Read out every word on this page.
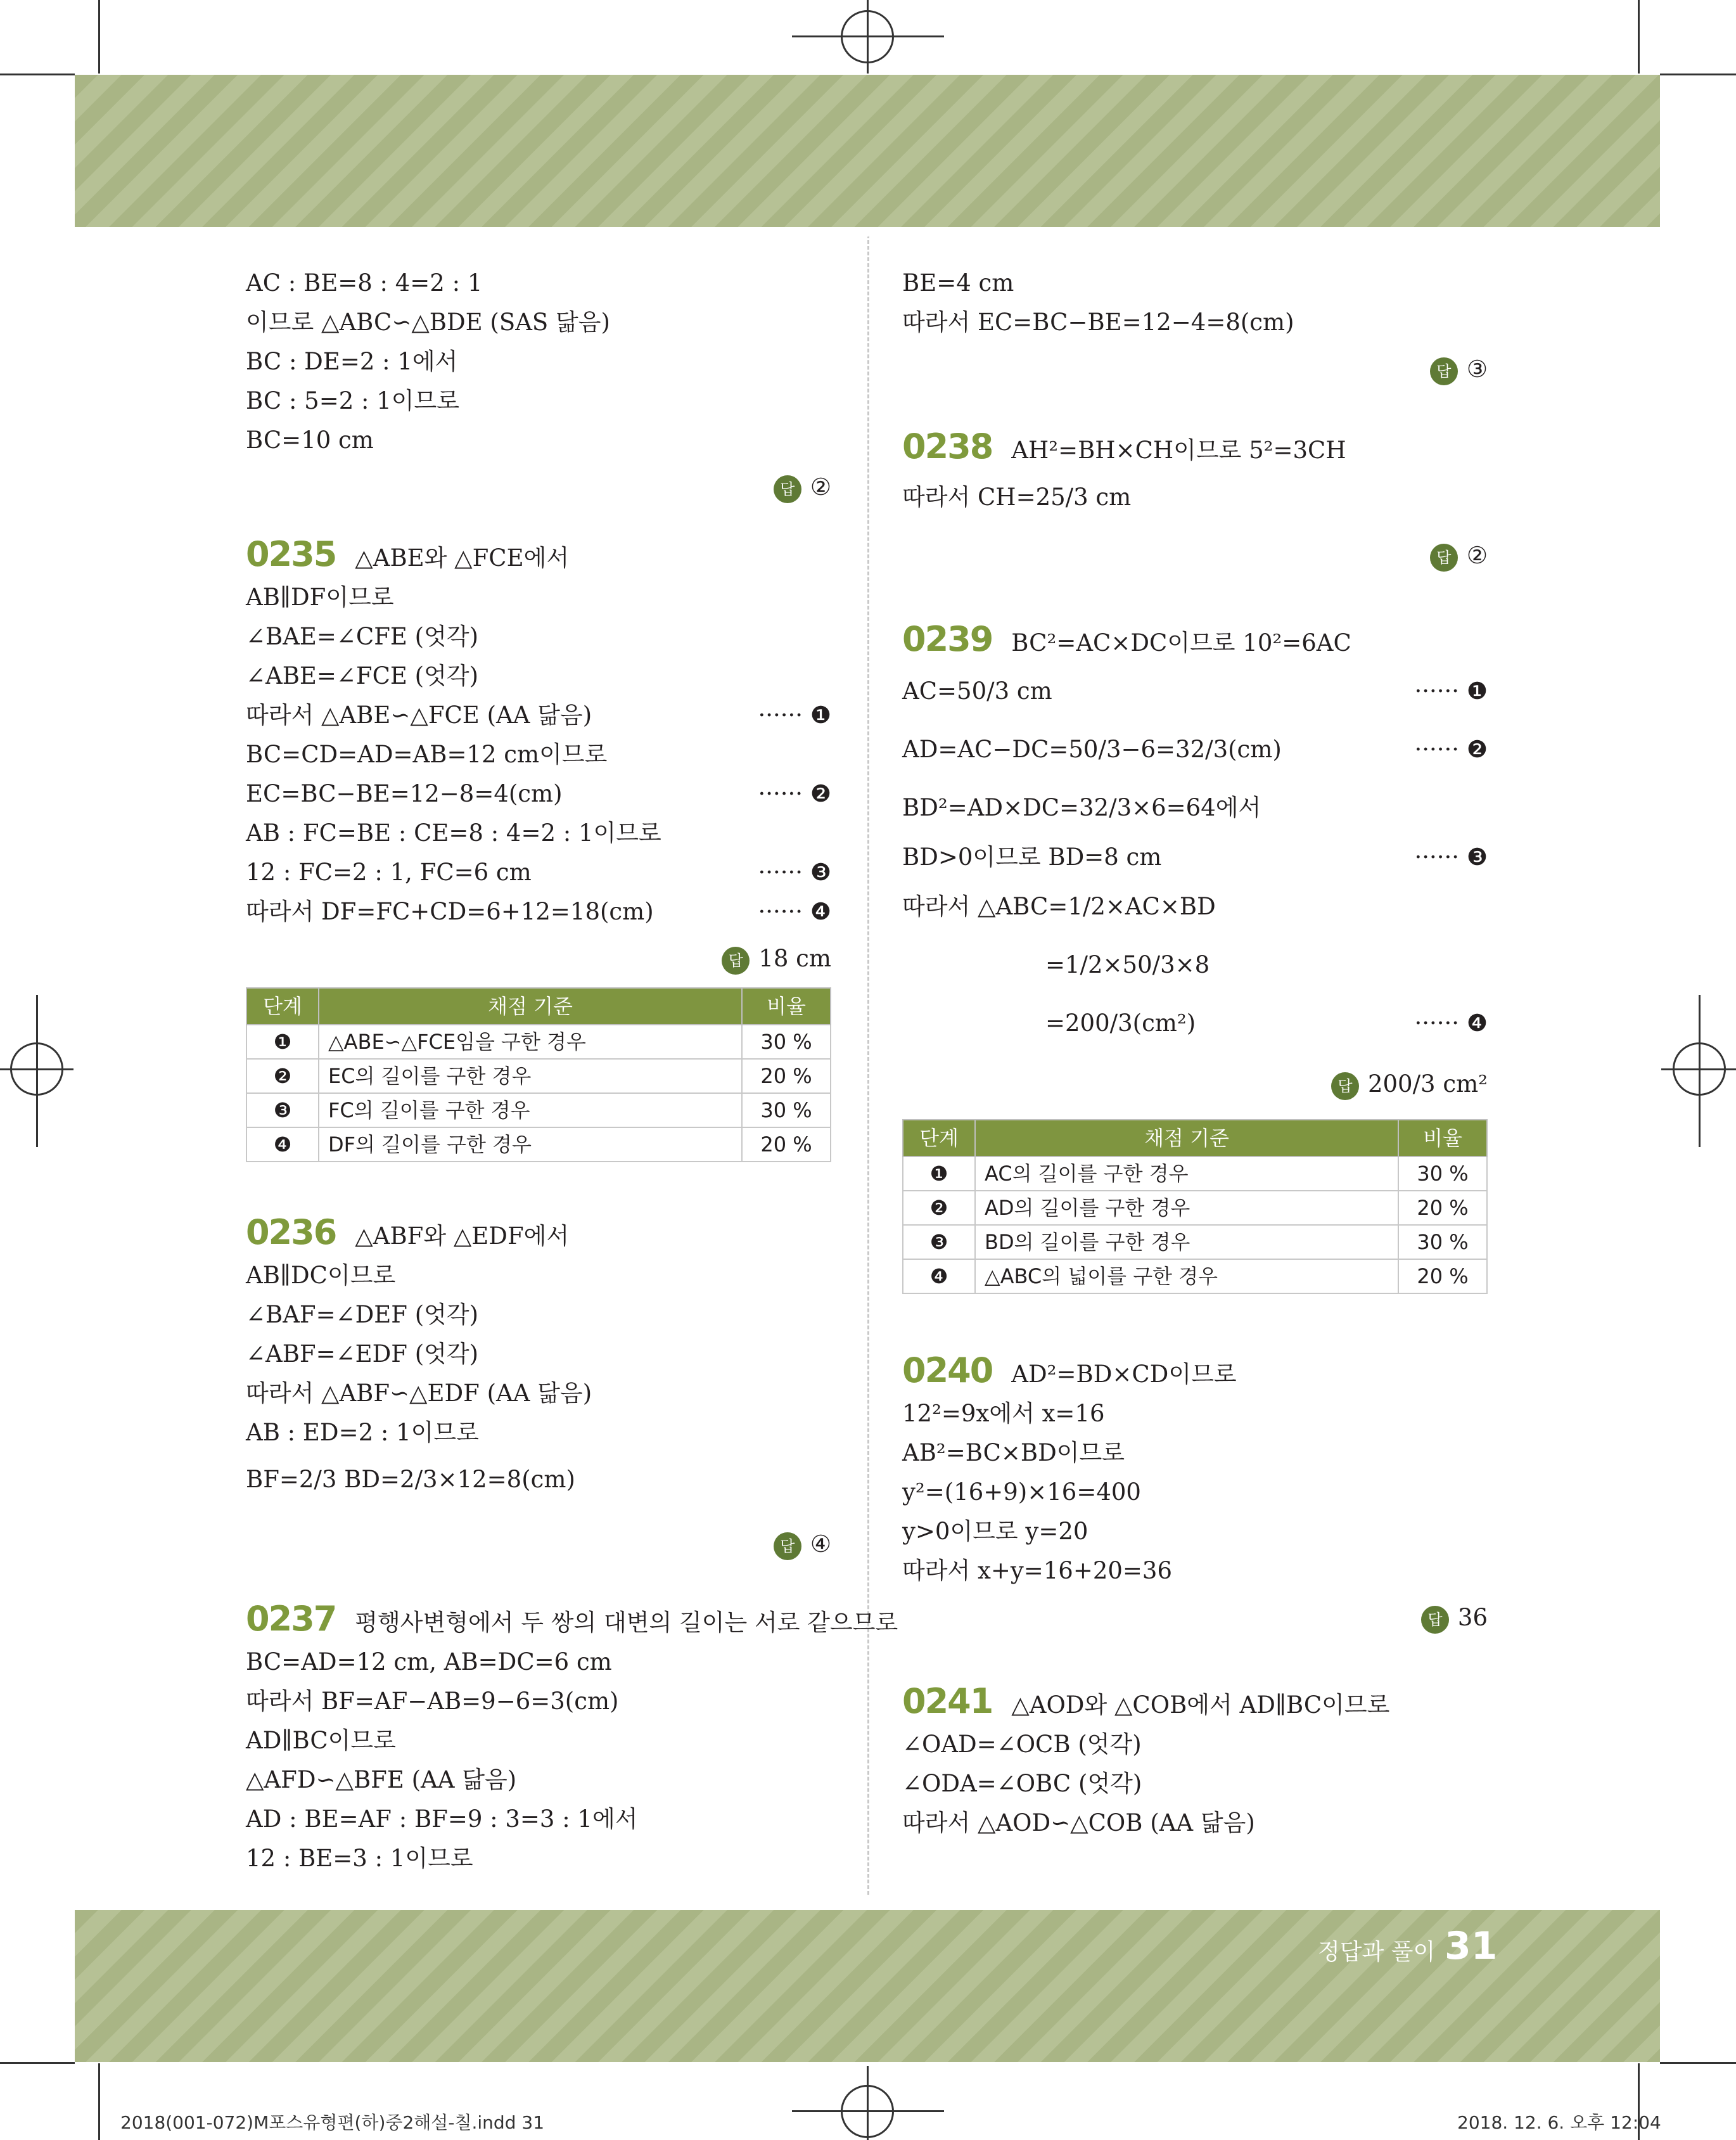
AC : BE=8 : 4=2 : 1
이므로 △ABC∽△BDE (SAS 닮음)
BC : DE=2 : 1에서
BC : 5=2 : 1이므로
BC=10 cm
답 ②
0235 △ABE와 △FCE에서
AB∥DF이므로
∠BAE=∠CFE (엇각)
∠ABE=∠FCE (엇각)
따라서 △ABE∽△FCE (AA 닮음)	······ ❶
BC=CD=AD=AB=12 cm이므로
EC=BC−BE=12−8=4(cm)	······ ❷
AB : FC=BE : CE=8 : 4=2 : 1이므로
12 : FC=2 : 1, FC=6 cm	······ ❸
따라서 DF=FC+CD=6+12=18(cm)	······ ❹
답 18 cm
단계	채점 기준	비율
❶	△ABE∽△FCE임을 구한 경우	30 %
❷	EC의 길이를 구한 경우	20 %
❸	FC의 길이를 구한 경우	30 %
❹	DF의 길이를 구한 경우	20 %
0236 △ABF와 △EDF에서
AB∥DC이므로
∠BAF=∠DEF (엇각)
∠ABF=∠EDF (엇각)
따라서 △ABF∽△EDF (AA 닮음)
AB : ED=2 : 1이므로
BF=2/3 BD=2/3×12=8(cm)
답 ④
0237 평행사변형에서 두 쌍의 대변의 길이는 서로 같으므로
BC=AD=12 cm, AB=DC=6 cm
따라서 BF=AF−AB=9−6=3(cm)
AD∥BC이므로
△AFD∽△BFE (AA 닮음)
AD : BE=AF : BF=9 : 3=3 : 1에서
12 : BE=3 : 1이므로
BE=4 cm
따라서 EC=BC−BE=12−4=8(cm)
답 ③
0238 AH²=BH×CH이므로 5²=3CH
따라서 CH=25/3 cm
답 ②
0239 BC²=AC×DC이므로 10²=6AC
AC=50/3 cm	······ ❶
AD=AC−DC=50/3−6=32/3(cm)	······ ❷
BD²=AD×DC=32/3×6=64에서
BD>0이므로 BD=8 cm	······ ❸
따라서 △ABC=1/2×AC×BD
=1/2×50/3×8
=200/3(cm²)	······ ❹
답 200/3 cm²
단계	채점 기준	비율
❶	AC의 길이를 구한 경우	30 %
❷	AD의 길이를 구한 경우	20 %
❸	BD의 길이를 구한 경우	30 %
❹	△ABC의 넓이를 구한 경우	20 %
0240 AD²=BD×CD이므로
12²=9x에서 x=16
AB²=BC×BD이므로
y²=(16+9)×16=400
y>0이므로 y=20
따라서 x+y=16+20=36
답 36
0241 △AOD와 △COB에서 AD∥BC이므로
∠OAD=∠OCB (엇각)
∠ODA=∠OBC (엇각)
따라서 △AOD∽△COB (AA 닮음)
정답과 풀이 31
2018(001-072)M포스유형편(하)중2해설-칠.indd 31	2018. 12. 6. 오후 12:04
